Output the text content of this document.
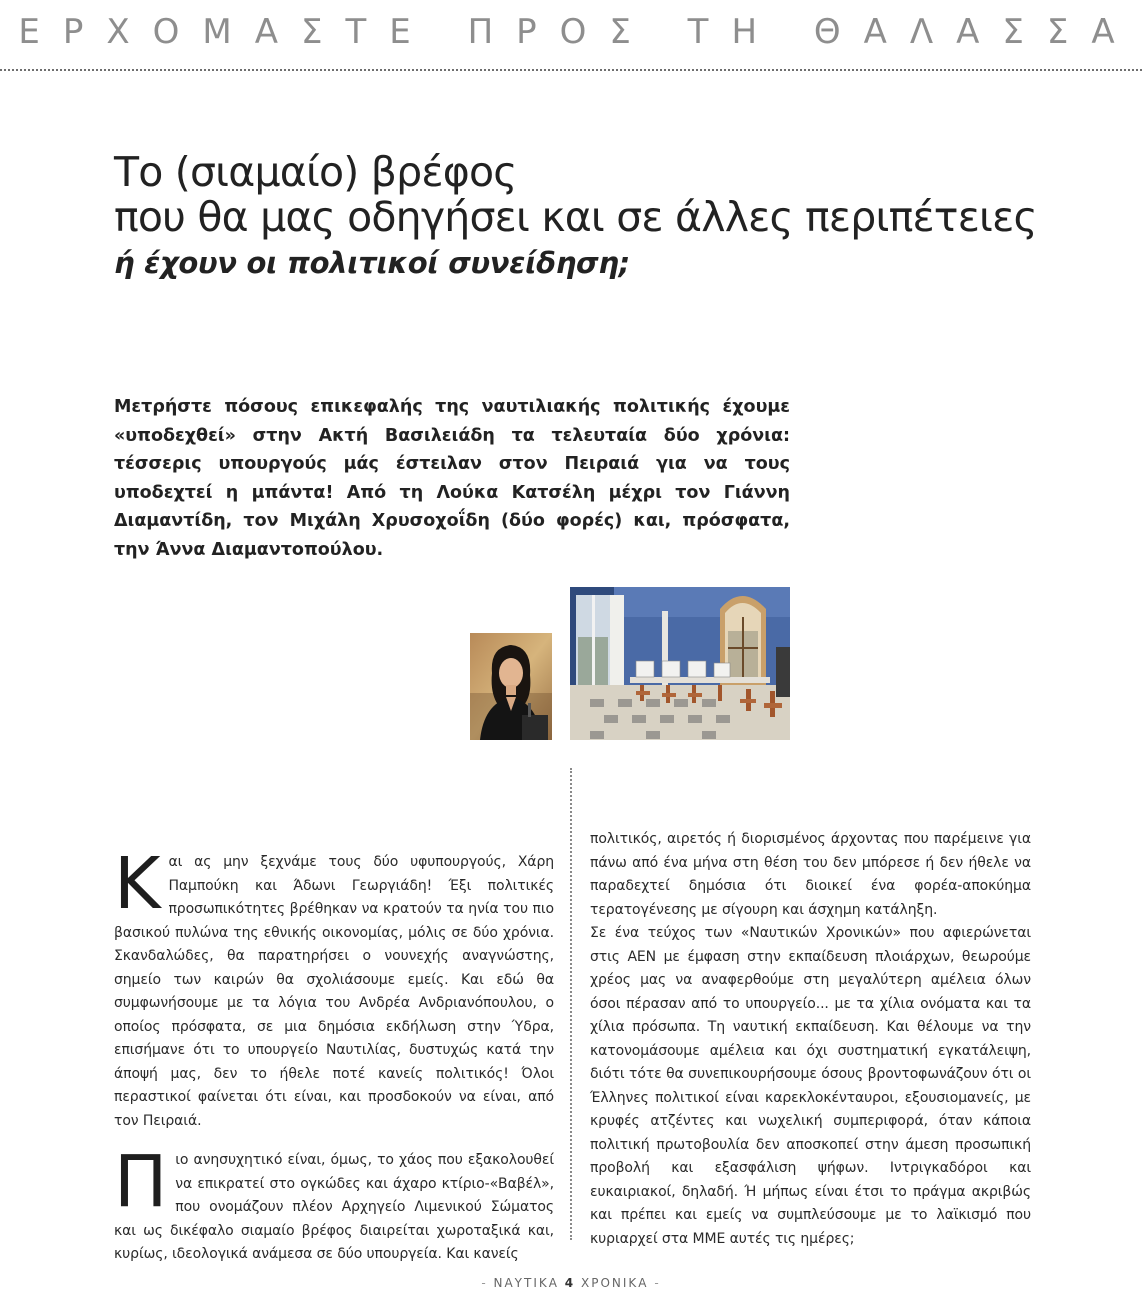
ΕΡΧΟΜΑΣΤΕ ΠΡΟΣ ΤΗ ΘΑΛΑΣΣΑ
Το (σιαμαίο) βρέφος
που θα μας οδηγήσει και σε άλλες περιπέτειες
ή έχουν οι πολιτικοί συνείδηση;
Μετρήστε πόσους επικεφαλής της ναυτιλιακής πολιτικής έχουμε «υποδεχθεί» στην Ακτή Βασιλειάδη τα τελευταία δύο χρόνια: τέσσερις υπουργούς μάς έστειλαν στον Πειραιά για να τους υποδεχτεί η μπάντα! Από τη Λούκα Κατσέλη μέχρι τον Γιάννη Διαμαντίδη, τον Μιχάλη Χρυσοχοΐδη (δύο φορές) και, πρόσφατα, την Άννα Διαμαντοπούλου.

Κ αι ας μην ξεχνάμε τους δύο υφυπουργούς, Χάρη Παμπούκη και Άδωνι Γεωργιάδη! Έξι πολιτικές προσωπικότητες βρέθηκαν να κρατούν τα ηνία του πιο βασικού πυλώνα της εθνικής οικονομίας, μόλις σε δύο χρόνια. Σκανδαλώδες, θα παρατηρήσει ο νουνεχής αναγνώστης, σημείο των καιρών θα σχολιάσουμε εμείς. Και εδώ θα συμφωνήσουμε με τα λόγια του Ανδρέα Ανδριανόπουλου, ο οποίος πρόσφατα, σε μια δημόσια εκδήλωση στην Ύδρα, επισήμανε ότι το υπουργείο Ναυτιλίας, δυστυχώς κατά την άποψή μας, δεν το ήθελε ποτέ κανείς πολιτικός! Όλοι περαστικοί φαίνεται ότι είναι, και προσδοκούν να είναι, από τον Πειραιά.

Π ιο ανησυχητικό είναι, όμως, το χάος που εξακολουθεί να επικρατεί στο ογκώδες και άχαρο κτίριο-«Βαβέλ», που ονομάζουν πλέον Αρχηγείο Λιμενικού Σώματος και ως δικέφαλο σιαμαίο βρέφος διαιρείται χωροταξικά και, κυρίως, ιδεολογικά ανάμεσα σε δύο υπουργεία. Και κανείς

πολιτικός, αιρετός ή διορισμένος άρχοντας που παρέμεινε για πάνω από ένα μήνα στη θέση του δεν μπόρεσε ή δεν ήθελε να παραδεχτεί δημόσια ότι διοικεί ένα φορέα-αποκύημα τερατογένεσης με σίγουρη και άσχημη κατάληξη.

Σε ένα τεύχος των «Ναυτικών Χρονικών» που αφιερώνεται στις ΑΕΝ με έμφαση στην εκπαίδευση πλοιάρχων, θεωρούμε χρέος μας να αναφερθούμε στη μεγαλύτερη αμέλεια όλων όσοι πέρασαν από το υπουργείο... με τα χίλια ονόματα και τα χίλια πρόσωπα. Τη ναυτική εκπαίδευση. Και θέλουμε να την κατονομάσουμε αμέλεια και όχι συστηματική εγκατάλειψη, διότι τότε θα συνεπικουρήσουμε όσους βροντοφωνάζουν ότι οι Έλληνες πολιτικοί είναι καρεκλοκένταυροι, εξουσιομανείς, με κρυφές ατζέντες και νωχελική συμπεριφορά, όταν κάποια πολιτική πρωτοβουλία δεν αποσκοπεί στην άμεση προσωπική προβολή και εξασφάλιση ψήφων. Ιντριγκαδόροι και ευκαιριακοί, δηλαδή. Ή μήπως είναι έτσι το πράγμα ακριβώς και πρέπει και εμείς να συμπλεύσουμε με το λαϊκισμό που κυριαρχεί στα ΜΜΕ αυτές τις ημέρες;

- ΝΑΥΤΙΚΑ 4 ΧΡΟΝΙΚΑ -
